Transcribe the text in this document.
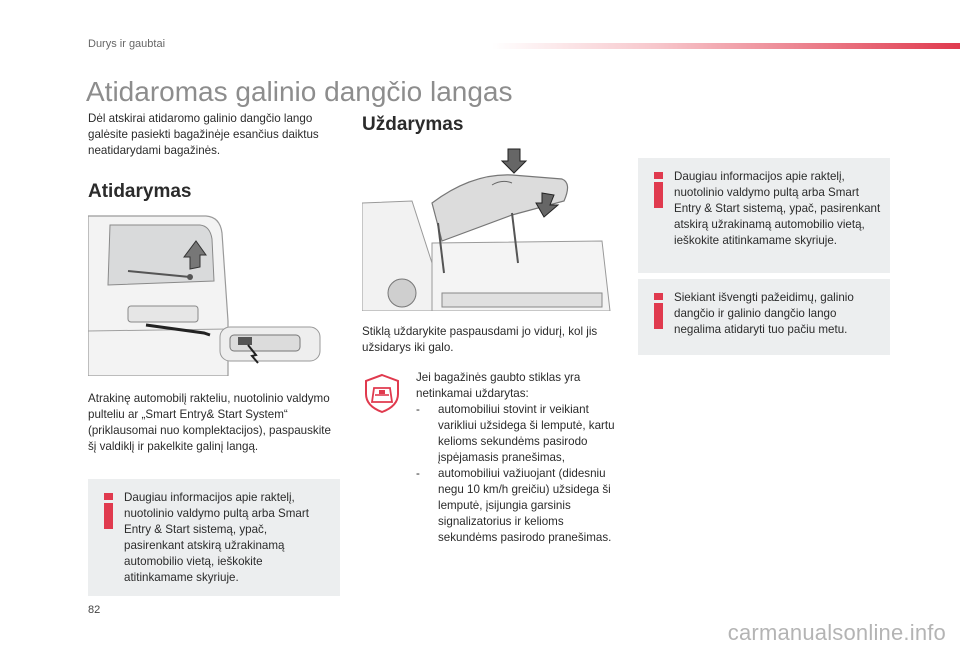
Durys ir gaubtai
Atidaromas galinio dangčio langas
Dėl atskirai atidaromo galinio dangčio lango galėsite pasiekti bagažinėje esančius daiktus neatidarydami bagažinės.
Atidarymas
Atrakinę automobilį rakteliu, nuotolinio valdymo pulteliu ar „Smart Entry& Start System“ (priklausomai nuo komplektacijos), paspauskite šį valdiklį ir pakelkite galinį langą.
Daugiau informacijos apie raktelį, nuotolinio valdymo pultą arba Smart Entry & Start sistemą, ypač, pasirenkant atskirą užrakinamą automobilio vietą, ieškokite atitinkamame skyriuje.
Uždarymas
Stiklą uždarykite paspausdami jo vidurį, kol jis užsidarys iki galo.
Jei bagažinės gaubto stiklas yra netinkamai uždarytas:
- automobiliui stovint ir veikiant varikliui užsidega ši lemputė, kartu kelioms sekundėms pasirodo įspėjamasis pranešimas,
- automobiliui važiuojant (didesniu negu 10 km/h greičiu) užsidega ši lemputė, įsijungia garsinis signalizatorius ir kelioms sekundėms pasirodo pranešimas.
Daugiau informacijos apie raktelį, nuotolinio valdymo pultą arba Smart Entry & Start sistemą, ypač, pasirenkant atskirą užrakinamą automobilio vietą, ieškokite atitinkamame skyriuje.
Siekiant išvengti pažeidimų, galinio dangčio ir galinio dangčio lango negalima atidaryti tuo pačiu metu.
82
carmanualsonline.info
